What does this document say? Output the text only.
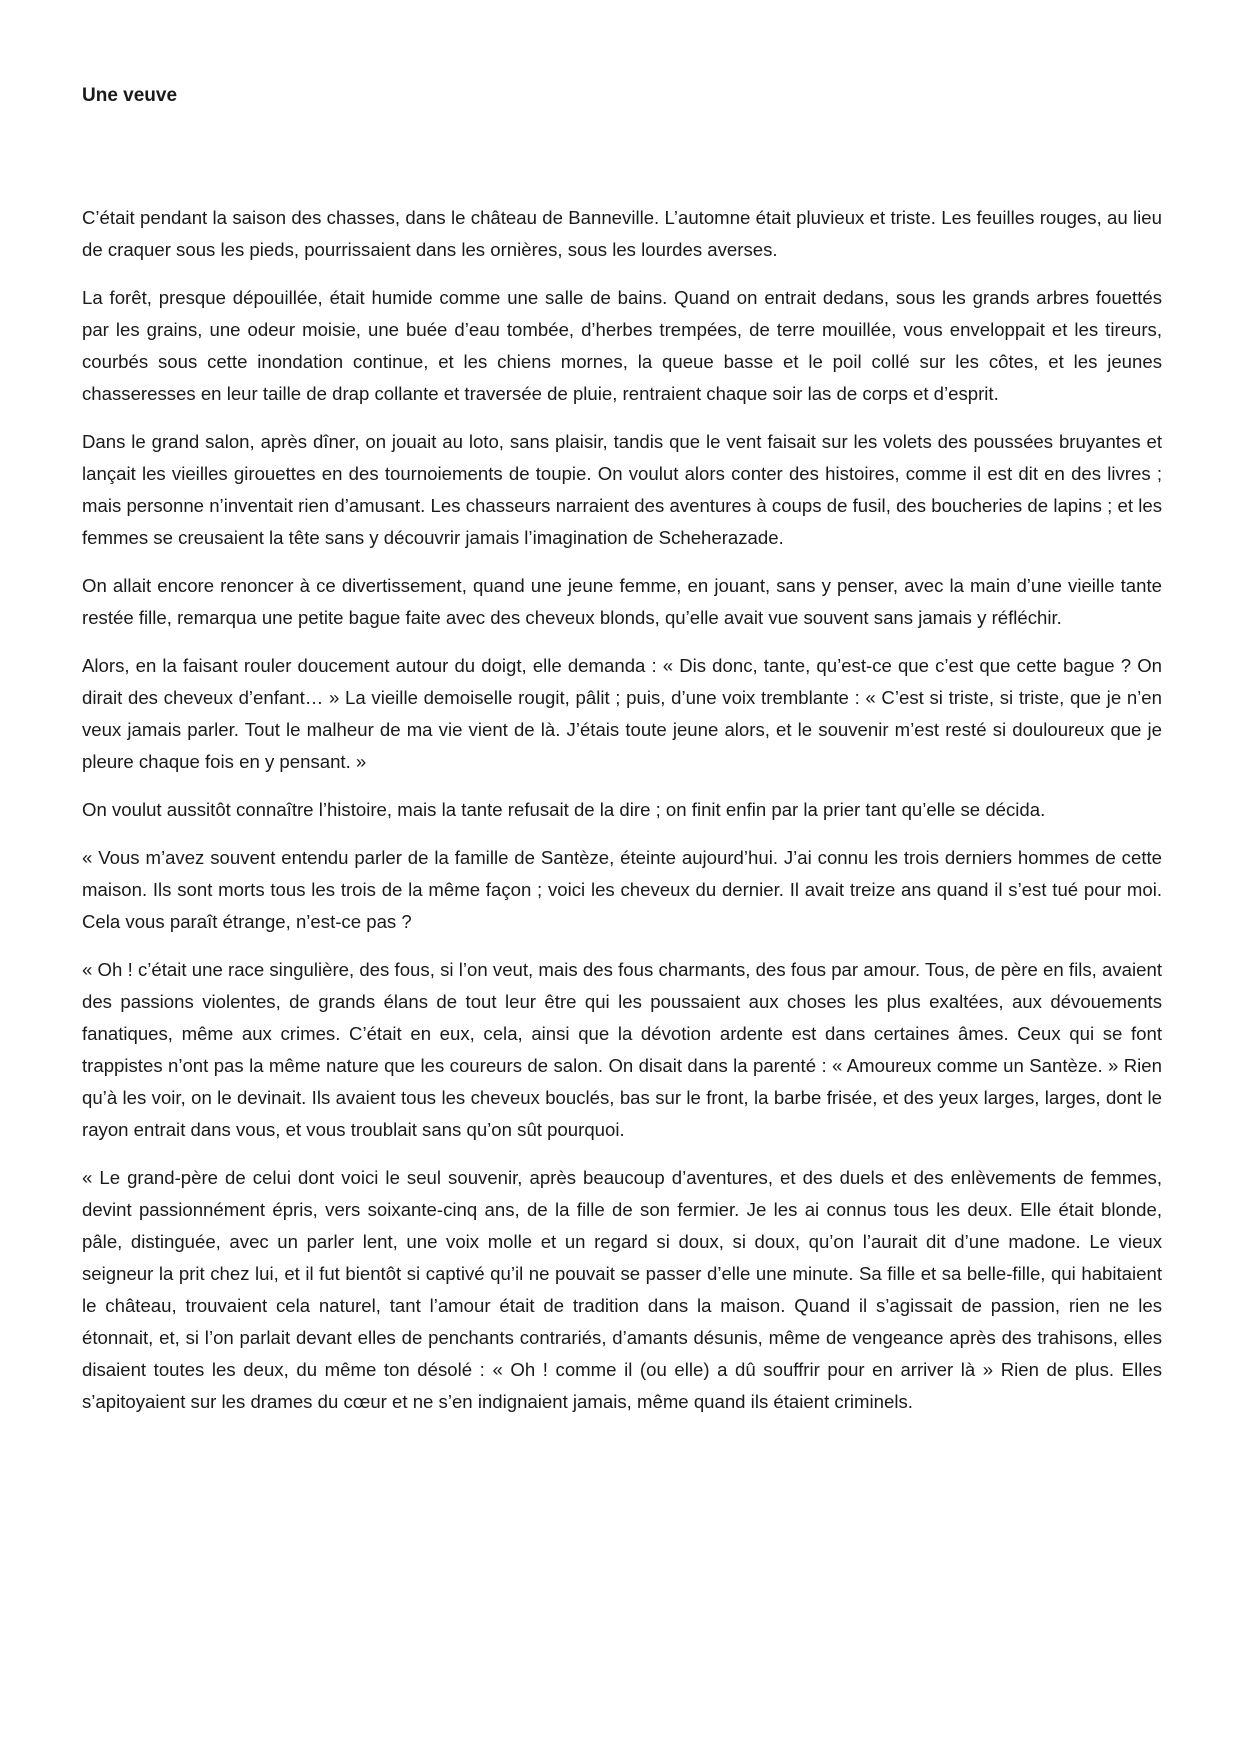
Une veuve

C’était pendant la saison des chasses, dans le château de Banneville. L’automne était pluvieux et triste. Les feuilles rouges, au lieu de craquer sous les pieds, pourrissaient dans les ornières, sous les lourdes averses.

La forêt, presque dépouillée, était humide comme une salle de bains. Quand on entrait dedans, sous les grands arbres fouettés par les grains, une odeur moisie, une buée d’eau tombée, d’herbes trempées, de terre mouillée, vous enveloppait et les tireurs, courbés sous cette inondation continue, et les chiens mornes, la queue basse et le poil collé sur les côtes, et les jeunes chasseresses en leur taille de drap collante et traversée de pluie, rentraient chaque soir las de corps et d’esprit.

Dans le grand salon, après dîner, on jouait au loto, sans plaisir, tandis que le vent faisait sur les volets des poussées bruyantes et lançait les vieilles girouettes en des tournoiements de toupie. On voulut alors conter des histoires, comme il est dit en des livres ; mais personne n’inventait rien d’amusant. Les chasseurs narraient des aventures à coups de fusil, des boucheries de lapins ; et les femmes se creusaient la tête sans y découvrir jamais l’imagination de Scheherazade.

On allait encore renoncer à ce divertissement, quand une jeune femme, en jouant, sans y penser, avec la main d’une vieille tante restée fille, remarqua une petite bague faite avec des cheveux blonds, qu’elle avait vue souvent sans jamais y réfléchir.

Alors, en la faisant rouler doucement autour du doigt, elle demanda : « Dis donc, tante, qu’est-ce que c’est que cette bague ? On dirait des cheveux d’enfant… » La vieille demoiselle rougit, pâlit ; puis, d’une voix tremblante : « C’est si triste, si triste, que je n’en veux jamais parler. Tout le malheur de ma vie vient de là. J’étais toute jeune alors, et le souvenir m’est resté si douloureux que je pleure chaque fois en y pensant. »

On voulut aussitôt connaître l’histoire, mais la tante refusait de la dire ; on finit enfin par la prier tant qu’elle se décida.

« Vous m’avez souvent entendu parler de la famille de Santèze, éteinte aujourd’hui. J’ai connu les trois derniers hommes de cette maison. Ils sont morts tous les trois de la même façon ; voici les cheveux du dernier. Il avait treize ans quand il s’est tué pour moi. Cela vous paraît étrange, n’est-ce pas ?

« Oh ! c’était une race singulière, des fous, si l’on veut, mais des fous charmants, des fous par amour. Tous, de père en fils, avaient des passions violentes, de grands élans de tout leur être qui les poussaient aux choses les plus exaltées, aux dévouements fanatiques, même aux crimes. C’était en eux, cela, ainsi que la dévotion ardente est dans certaines âmes. Ceux qui se font trappistes n’ont pas la même nature que les coureurs de salon. On disait dans la parenté : « Amoureux comme un Santèze. » Rien qu’à les voir, on le devinait. Ils avaient tous les cheveux bouclés, bas sur le front, la barbe frisée, et des yeux larges, larges, dont le rayon entrait dans vous, et vous troublait sans qu’on sût pourquoi.

« Le grand-père de celui dont voici le seul souvenir, après beaucoup d’aventures, et des duels et des enlèvements de femmes, devint passionnément épris, vers soixante-cinq ans, de la fille de son fermier. Je les ai connus tous les deux. Elle était blonde, pâle, distinguée, avec un parler lent, une voix molle et un regard si doux, si doux, qu’on l’aurait dit d’une madone. Le vieux seigneur la prit chez lui, et il fut bientôt si captivé qu’il ne pouvait se passer d’elle une minute. Sa fille et sa belle-fille, qui habitaient le château, trouvaient cela naturel, tant l’amour était de tradition dans la maison. Quand il s’agissait de passion, rien ne les étonnait, et, si l’on parlait devant elles de penchants contrariés, d’amants désunis, même de vengeance après des trahisons, elles disaient toutes les deux, du même ton désolé : « Oh ! comme il (ou elle) a dû souffrir pour en arriver là » Rien de plus. Elles s’apitoyaient sur les drames du cœur et ne s’en indignaient jamais, même quand ils étaient criminels.
